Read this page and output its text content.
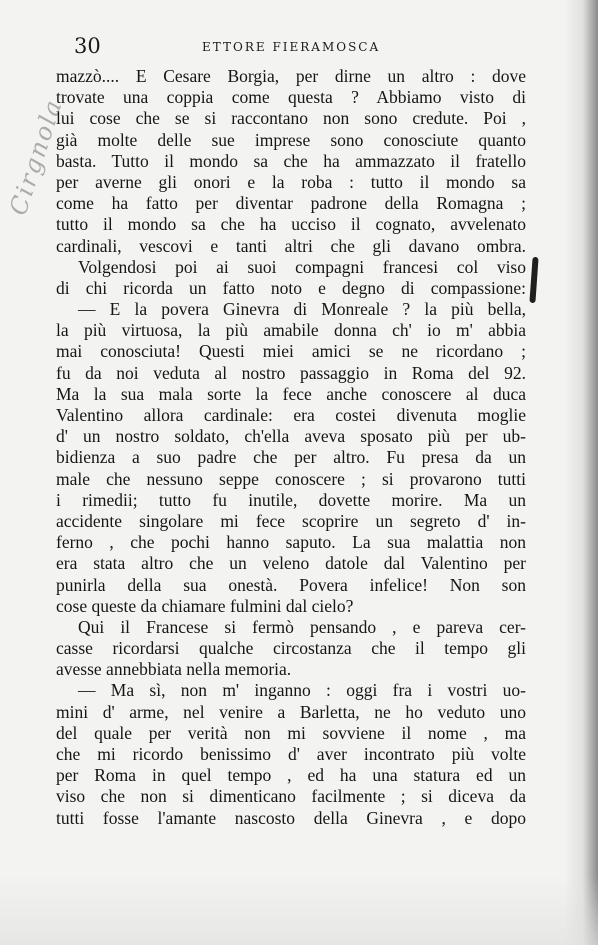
30	ETTORE FIERAMOSCA
Cirgnola
mazzò.... E Cesare Borgia, per dirne un altro : dove
trovate una coppia come questa ? Abbiamo visto di
lui cose che se si raccontano non sono credute. Poi ,
già molte delle sue imprese sono conosciute quanto
basta. Tutto il mondo sa che ha ammazzato il fratello
per averne gli onori e la roba : tutto il mondo sa
come ha fatto per diventar padrone della Romagna ;
tutto il mondo sa che ha ucciso il cognato, avvelenato
cardinali, vescovi e tanti altri che gli davano ombra.
Volgendosi poi ai suoi compagni francesi col viso
di chi ricorda un fatto noto e degno di compassione:
— E la povera Ginevra di Monreale ? la più bella,
la più virtuosa, la più amabile donna ch' io m' abbia
mai conosciuta! Questi miei amici se ne ricordano ;
fu da noi veduta al nostro passaggio in Roma del 92.
Ma la sua mala sorte la fece anche conoscere al duca
Valentino allora cardinale: era costei divenuta moglie
d' un nostro soldato, ch'ella aveva sposato più per ub-
bidienza a suo padre che per altro. Fu presa da un
male che nessuno seppe conoscere ; si provarono tutti
i rimedii; tutto fu inutile, dovette morire. Ma un
accidente singolare mi fece scoprire un segreto d' in-
ferno , che pochi hanno saputo. La sua malattia non
era stata altro che un veleno datole dal Valentino per
punirla della sua onestà. Povera infelice! Non son
cose queste da chiamare fulmini dal cielo?
Qui il Francese si fermò pensando , e pareva cer-
casse ricordarsi qualche circostanza che il tempo gli
avesse annebbiata nella memoria.
— Ma sì, non m' inganno : oggi fra i vostri uo-
mini d' arme, nel venire a Barletta, ne ho veduto uno
del quale per verità non mi sovviene il nome , ma
che mi ricordo benissimo d' aver incontrato più volte
per Roma in quel tempo , ed ha una statura ed un
viso che non si dimenticano facilmente ; si diceva da
tutti fosse l'amante nascosto della Ginevra , e dopo
